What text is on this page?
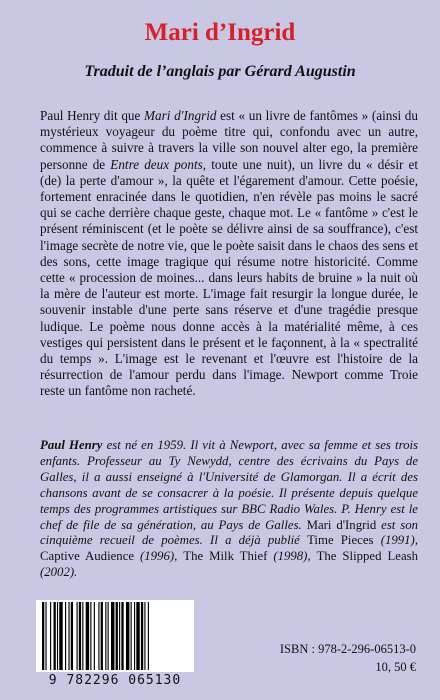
Mari d’Ingrid
Traduit de l’anglais par Gérard Augustin

Paul Henry dit que Mari d'Ingrid est « un livre de fantômes » (ainsi du mystérieux voyageur du poème titre qui, confondu avec un autre, commence à suivre à travers la ville son nouvel alter ego, la première personne de Entre deux ponts, toute une nuit), un livre du « désir et (de) la perte d'amour », la quête et l'égarement d'amour. Cette poésie, fortement enracinée dans le quotidien, n'en révèle pas moins le sacré qui se cache derrière chaque geste, chaque mot. Le « fantôme » c'est le présent réminiscent (et le poète se délivre ainsi de sa souffrance), c'est l'image secrète de notre vie, que le poète saisit dans le chaos des sens et des sons, cette image tragique qui résume notre historicité. Comme cette « procession de moines... dans leurs habits de bruine » la nuit où la mère de l'auteur est morte. L'image fait resurgir la longue durée, le souvenir instable d'une perte sans réserve et d'une tragédie presque ludique. Le poème nous donne accès à la matérialité même, à ces vestiges qui persistent dans le présent et le façonnent, à la « spectralité du temps ». L'image est le revenant et l'œuvre est l'histoire de la résurrection de l'amour perdu dans l'image. Newport comme Troie reste un fantôme non racheté.

Paul Henry est né en 1959. Il vit à Newport, avec sa femme et ses trois enfants. Professeur au Ty Newydd, centre des écrivains du Pays de Galles, il a aussi enseigné à l'Université de Glamorgan. Il a écrit des chansons avant de se consacrer à la poésie. Il présente depuis quelque temps des programmes artistiques sur BBC Radio Wales. P. Henry est le chef de file de sa génération, au Pays de Galles. Mari d'Ingrid est son cinquième recueil de poèmes. Il a déjà publié Time Pieces (1991), Captive Audience (1996), The Milk Thief (1998), The Slipped Leash (2002).

9 782296 065130
ISBN : 978-2-296-06513-0
10, 50 €
